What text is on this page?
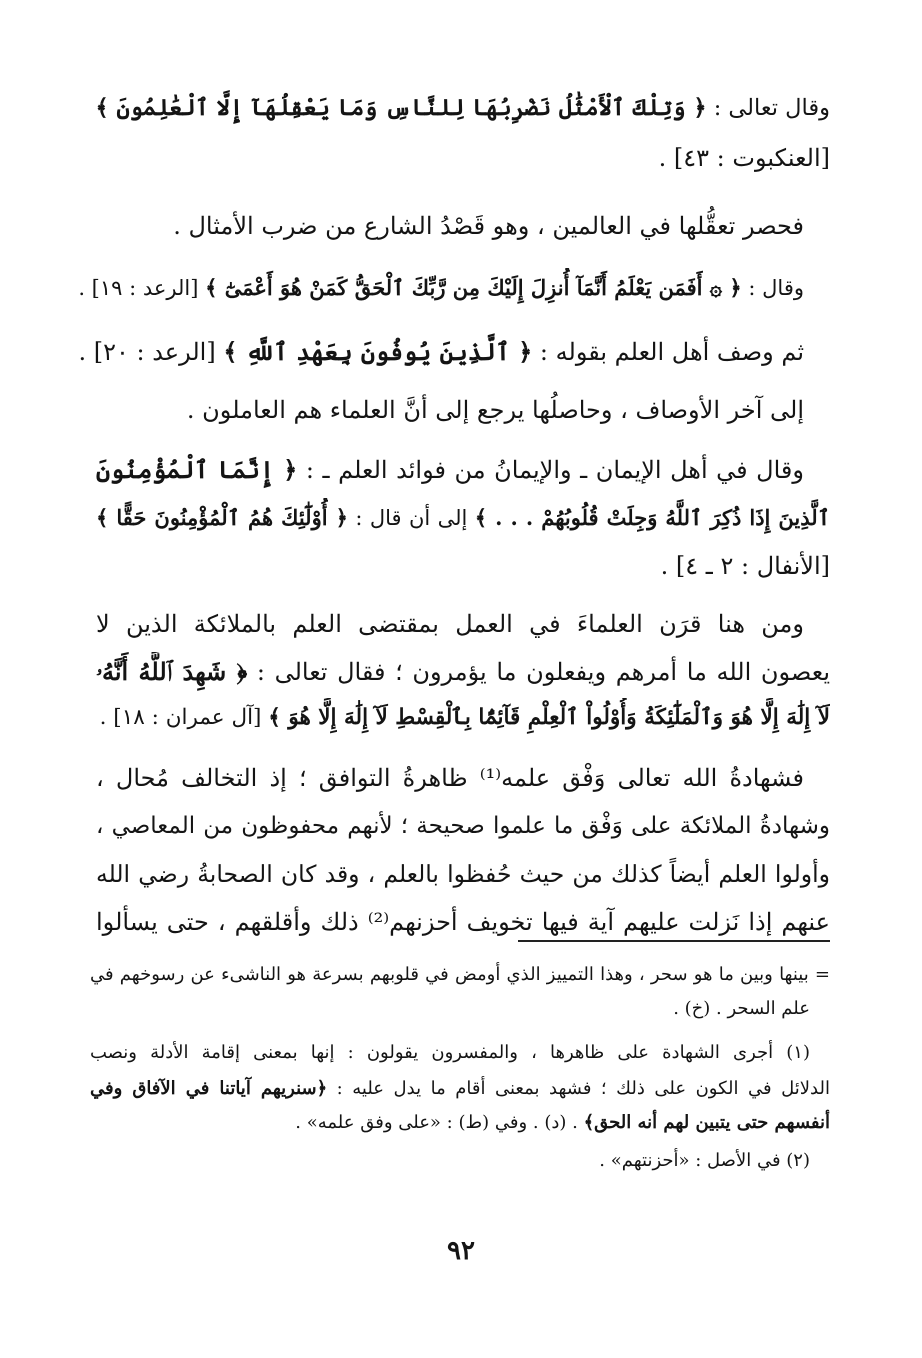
وقال تعالى : ﴿ وَتِلْكَ ٱلْأَمْثَٰلُ نَضْرِبُهَا لِلنَّاسِ وَمَا يَعْقِلُهَآ إِلَّا ٱلْعَٰلِمُونَ ﴾
[العنكبوت : ٤٣] .
فحصر تعقُّلها في العالمين ، وهو قَصْدُ الشارع من ضرب الأمثال .
وقال : ﴿ ۞ أَفَمَن يَعْلَمُ أَنَّمَآ أُنزِلَ إِلَيْكَ مِن رَّبِّكَ ٱلْحَقُّ كَمَنْ هُوَ أَعْمَىٰٓ ﴾ [الرعد : ١٩] .
ثم وصف أهل العلم بقوله : ﴿ ٱلَّذِينَ يُوفُونَ بِعَهْدِ ٱللَّهِ ﴾ [الرعد : ٢٠] .
إلى آخر الأوصاف ، وحاصلُها يرجع إلى أنَّ العلماء هم العاملون .
وقال في أهل الإيمان ـ والإيمانُ من فوائد العلم ـ : ﴿ إِنَّمَا ٱلْمُؤْمِنُونَ
ٱلَّذِينَ إِذَا ذُكِرَ ٱللَّهُ وَجِلَتْ قُلُوبُهُمْ . . . ﴾ إلى أن قال : ﴿ أُوْلَٰٓئِكَ هُمُ ٱلْمُؤْمِنُونَ حَقًّا ﴾
[الأنفال : ٢ ـ ٤] .
ومن هنا قرَن العلماءَ في العمل بمقتضى العلم بالملائكة الذين لا
يعصون الله ما أمرهم ويفعلون ما يؤمرون ؛ فقال تعالى : ﴿ شَهِدَ ٱللَّهُ أَنَّهُۥ
لَآ إِلَٰهَ إِلَّا هُوَ وَٱلْمَلَٰٓئِكَةُ وَأُوْلُواْ ٱلْعِلْمِ قَآئِمًۢا بِٱلْقِسْطِ لَآ إِلَٰهَ إِلَّا هُوَ ﴾ [آل عمران : ١٨] .
فشهادةُ الله تعالى وَفْق علمه⁽¹⁾ ظاهرةُ التوافق ؛ إذ التخالف مُحال ،
وشهادةُ الملائكة على وَفْق ما علموا صحيحة ؛ لأنهم محفوظون من المعاصي ،
وأولوا العلم أيضاً كذلك من حيث حُفظوا بالعلم ، وقد كان الصحابةُ رضي الله
عنهم إذا نَزلت عليهم آية فيها تخويف أحزنهم⁽²⁾ ذلك وأقلقهم ، حتى يسألوا
= بينها وبين ما هو سحر ، وهذا التمييز الذي أومض في قلوبهم بسرعة هو الناشىء عن رسوخهم في
علم السحر . (خ) .
(١) أجرى الشهادة على ظاهرها ، والمفسرون يقولون : إنها بمعنى إقامة الأدلة ونصب
الدلائل في الكون على ذلك ؛ فشهد بمعنى أقام ما يدل عليه : ﴿سنريهم آياتنا في الآفاق وفي
أنفسهم حتى يتبين لهم أنه الحق﴾ . (د) . وفي (ط) : «على وفق علمه» .
(٢) في الأصل : «أحزنتهم» .
٩٢
